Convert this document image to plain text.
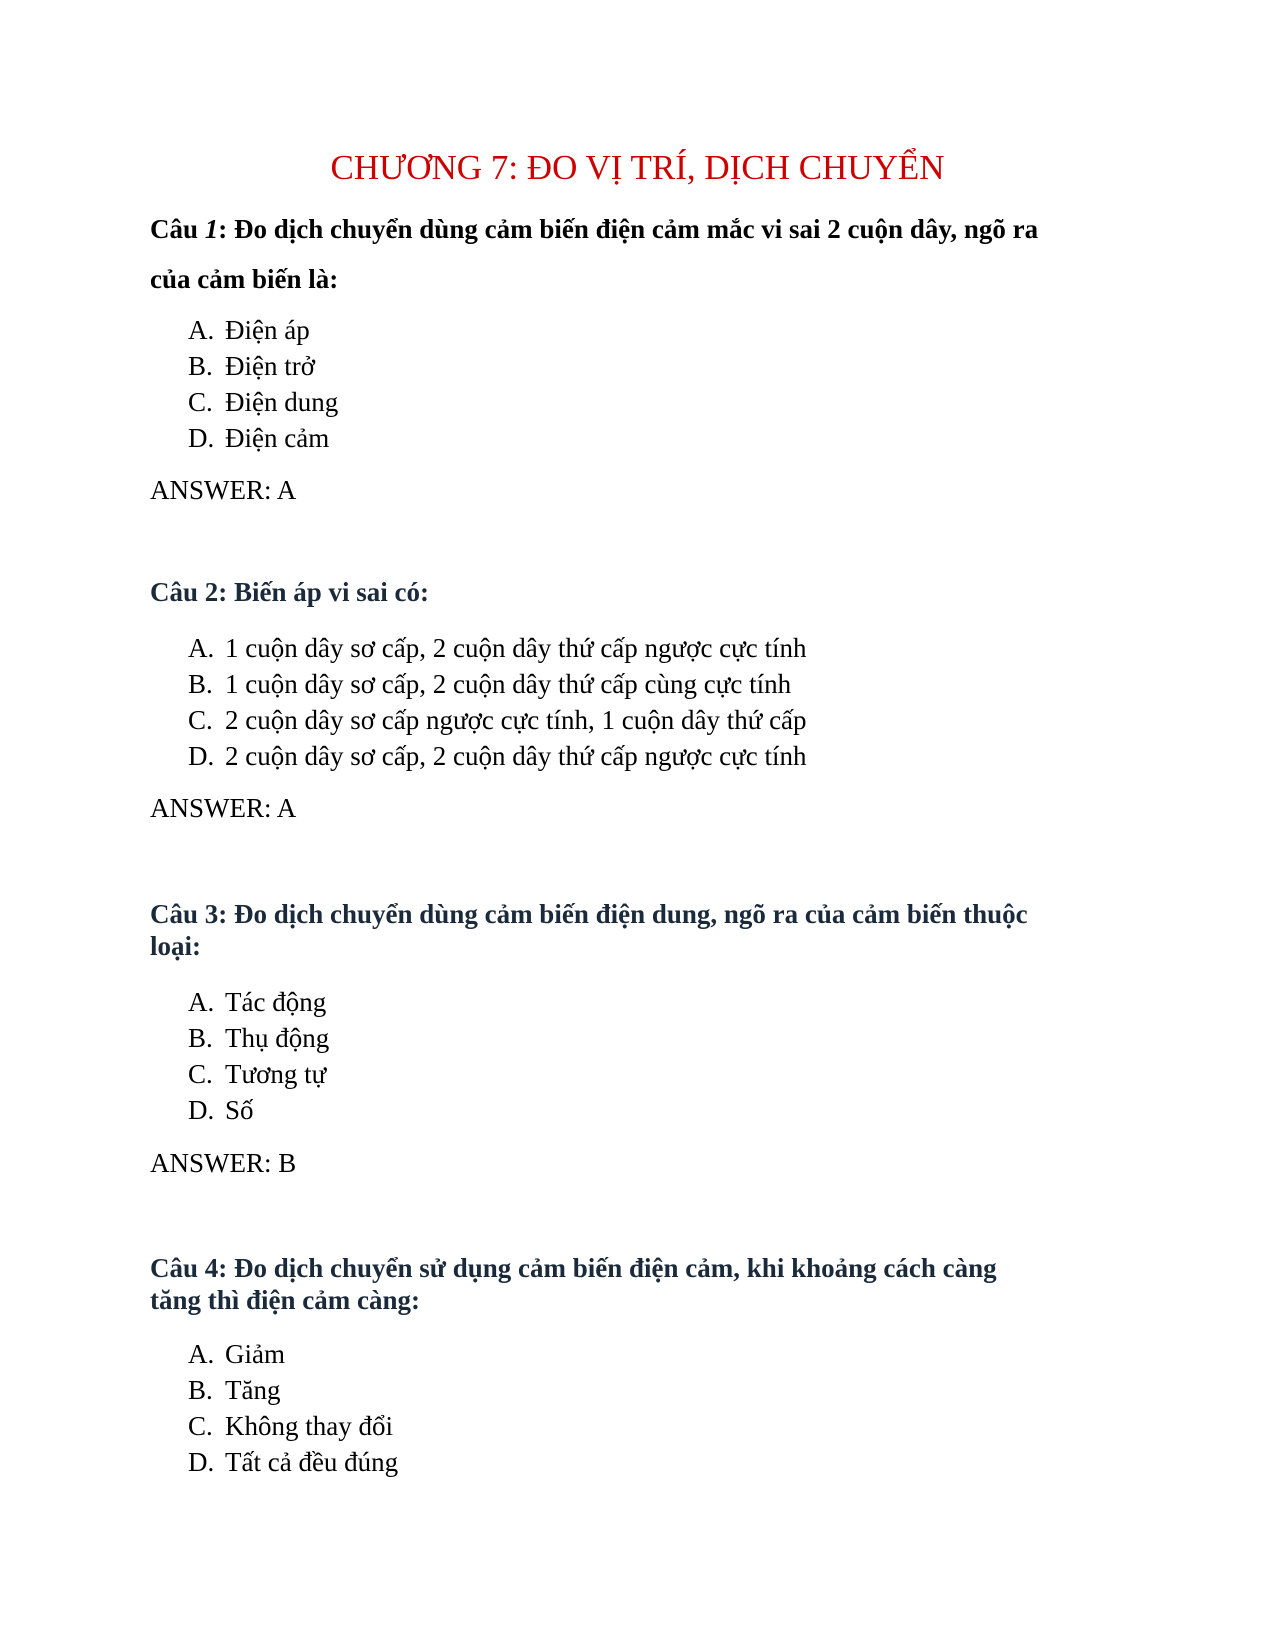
CHƯƠNG 7: ĐO VỊ TRÍ, DỊCH CHUYỂN
Câu 1: Đo dịch chuyển dùng cảm biến điện cảm mắc vi sai 2 cuộn dây, ngõ ra
của cảm biến là:
A. Điện áp
B. Điện trở
C. Điện dung
D. Điện cảm
ANSWER: A
Câu 2: Biến áp vi sai có:
A. 1 cuộn dây sơ cấp, 2 cuộn dây thứ cấp ngược cực tính
B. 1 cuộn dây sơ cấp, 2 cuộn dây thứ cấp cùng cực tính
C. 2 cuộn dây sơ cấp ngược cực tính, 1 cuộn dây thứ cấp
D. 2 cuộn dây sơ cấp, 2 cuộn dây thứ cấp ngược cực tính
ANSWER: A
Câu 3: Đo dịch chuyển dùng cảm biến điện dung, ngõ ra của cảm biến thuộc
loại:
A. Tác động
B. Thụ động
C. Tương tự
D. Số
ANSWER: B
Câu 4: Đo dịch chuyển sử dụng cảm biến điện cảm, khi khoảng cách càng
tăng thì điện cảm càng:
A. Giảm
B. Tăng
C. Không thay đổi
D. Tất cả đều đúng
